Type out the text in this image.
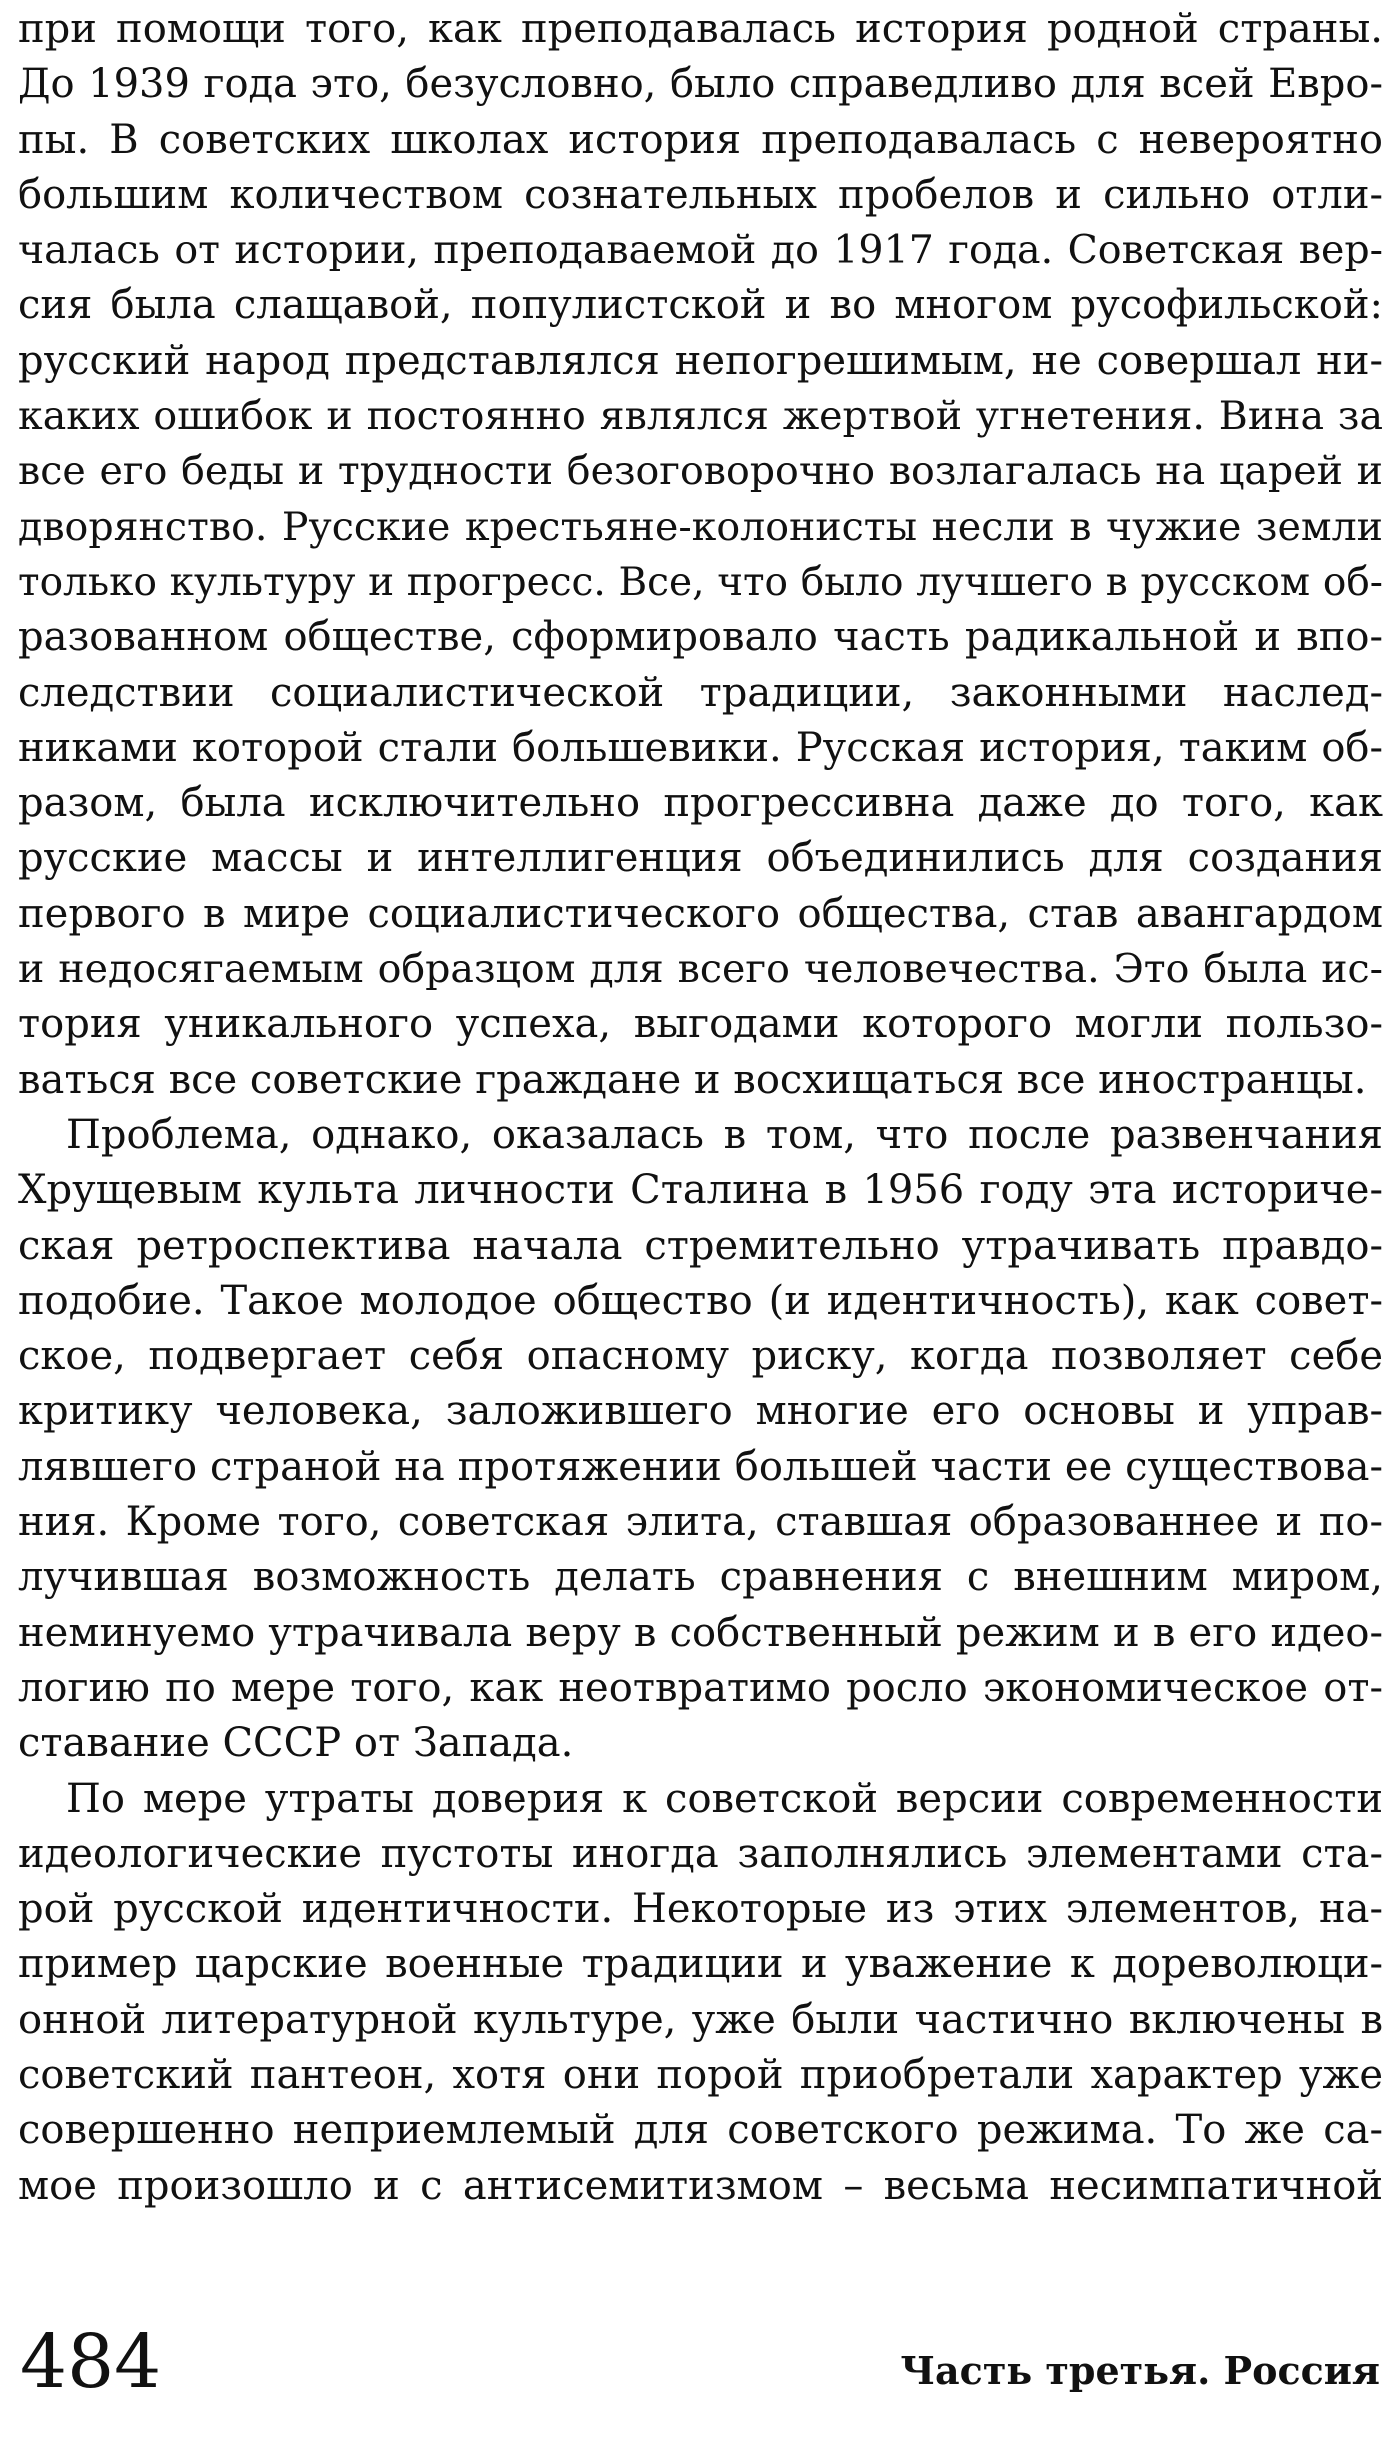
при помощи того, как преподавалась история родной страны.
До 1939 года это, безусловно, было справедливо для всей Евро-
пы. В советских школах история преподавалась с невероятно
большим количеством сознательных пробелов и сильно отли-
чалась от истории, преподаваемой до 1917 года. Советская вер-
сия была слащавой, популистской и во многом русофильской:
русский народ представлялся непогрешимым, не совершал ни-
каких ошибок и постоянно являлся жертвой угнетения. Вина за
все его беды и трудности безоговорочно возлагалась на царей и
дворянство. Русские крестьяне-колонисты несли в чужие земли
только культуру и прогресс. Все, что было лучшего в русском об-
разованном обществе, сформировало часть радикальной и впо-
следствии социалистической традиции, законными наслед-
никами которой стали большевики. Русская история, таким об-
разом, была исключительно прогрессивна даже до того, как
русские массы и интеллигенция объединились для создания
первого в мире социалистического общества, став авангардом
и недосягаемым образцом для всего человечества. Это была ис-
тория уникального успеха, выгодами которого могли пользо-
ваться все советские граждане и восхищаться все иностранцы.
Проблема, однако, оказалась в том, что после развенчания
Хрущевым культа личности Сталина в 1956 году эта историче-
ская ретроспектива начала стремительно утрачивать правдо-
подобие. Такое молодое общество (и идентичность), как совет-
ское, подвергает себя опасному риску, когда позволяет себе
критику человека, заложившего многие его основы и управ-
лявшего страной на протяжении большей части ее существова-
ния. Кроме того, советская элита, ставшая образованнее и по-
лучившая возможность делать сравнения с внешним миром,
неминуемо утрачивала веру в собственный режим и в его идео-
логию по мере того, как неотвратимо росло экономическое от-
ставание СССР от Запада.
По мере утраты доверия к советской версии современности
идеологические пустоты иногда заполнялись элементами ста-
рой русской идентичности. Некоторые из этих элементов, на-
пример царские военные традиции и уважение к дореволюци-
онной литературной культуре, уже были частично включены в
советский пантеон, хотя они порой приобретали характер уже
совершенно неприемлемый для советского режима. То же са-
мое произошло и с антисемитизмом – весьма несимпатичной
484	Часть третья. Россия
